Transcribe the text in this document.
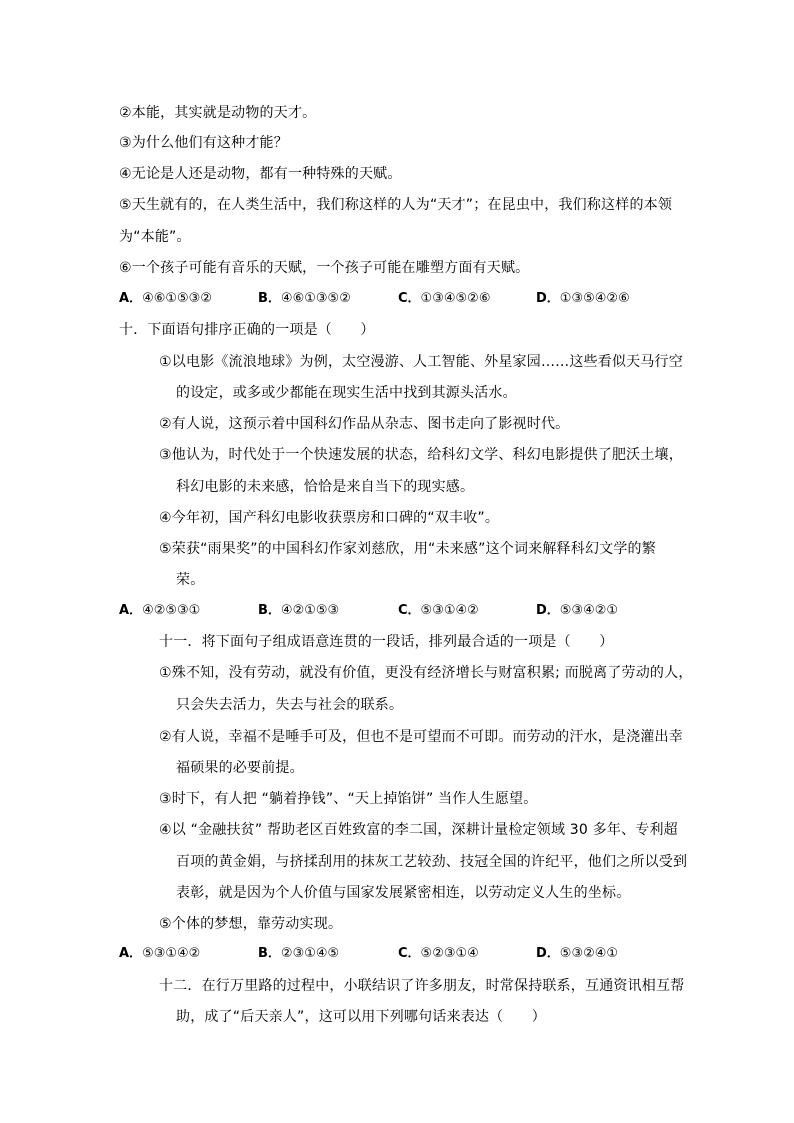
②本能，其实就是动物的天才。
③为什么他们有这种才能？
④无论是人还是动物，都有一种特殊的天赋。
⑤天生就有的，在人类生活中，我们称这样的人为“天才”；在昆虫中，我们称这样的本领
为“本能”。
⑥一个孩子可能有音乐的天赋，一个孩子可能在雕塑方面有天赋。
A．④⑥①⑤③②	B．④⑥①③⑤②	C．①③④⑤②⑥	D．①③⑤④②⑥
十．下面语句排序正确的一项是（　　）
①以电影《流浪地球》为例，太空漫游、人工智能、外星家园……这些看似天马行空
的设定，或多或少都能在现实生活中找到其源头活水。
②有人说，这预示着中国科幻作品从杂志、图书走向了影视时代。
③他认为，时代处于一个快速发展的状态，给科幻文学、科幻电影提供了肥沃土壤，
科幻电影的未来感，恰恰是来自当下的现实感。
④今年初，国产科幻电影收获票房和口碑的“双丰收”。
⑤荣获“雨果奖”的中国科幻作家刘慈欣，用“未来感”这个词来解释科幻文学的繁
荣。
A．④②⑤③①	B．④②①⑤③	C．⑤③①④②	D．⑤③④②①
十一．将下面句子组成语意连贯的一段话，排列最合适的一项是（　　）
①殊不知，没有劳动，就没有价值，更没有经济增长与财富积累; 而脱离了劳动的人，
只会失去活力，失去与社会的联系。
②有人说，幸福不是唾手可及，但也不是可望而不可即。而劳动的汗水，是浇灌出幸
福硕果的必要前提。
③时下，有人把 “躺着挣钱”、“天上掉馅饼” 当作人生愿望。
④以 “金融扶贫” 帮助老区百姓致富的李二国，深耕计量检定领域 30 多年、专利超
百项的黄金娟，与挤揉刮用的抹灰工艺较劲、技冠全国的许纪平，他们之所以受到
表彰，就是因为个人价值与国家发展紧密相连，以劳动定义人生的坐标。
⑤个体的梦想，靠劳动实现。
A．⑤③①④②	B．②③①④⑤	C．⑤②③①④	D．⑤③②④①
十二．在行万里路的过程中，小联结识了许多朋友，时常保持联系，互通资讯相互帮
助，成了“后天亲人”，这可以用下列哪句话来表达（　　）
